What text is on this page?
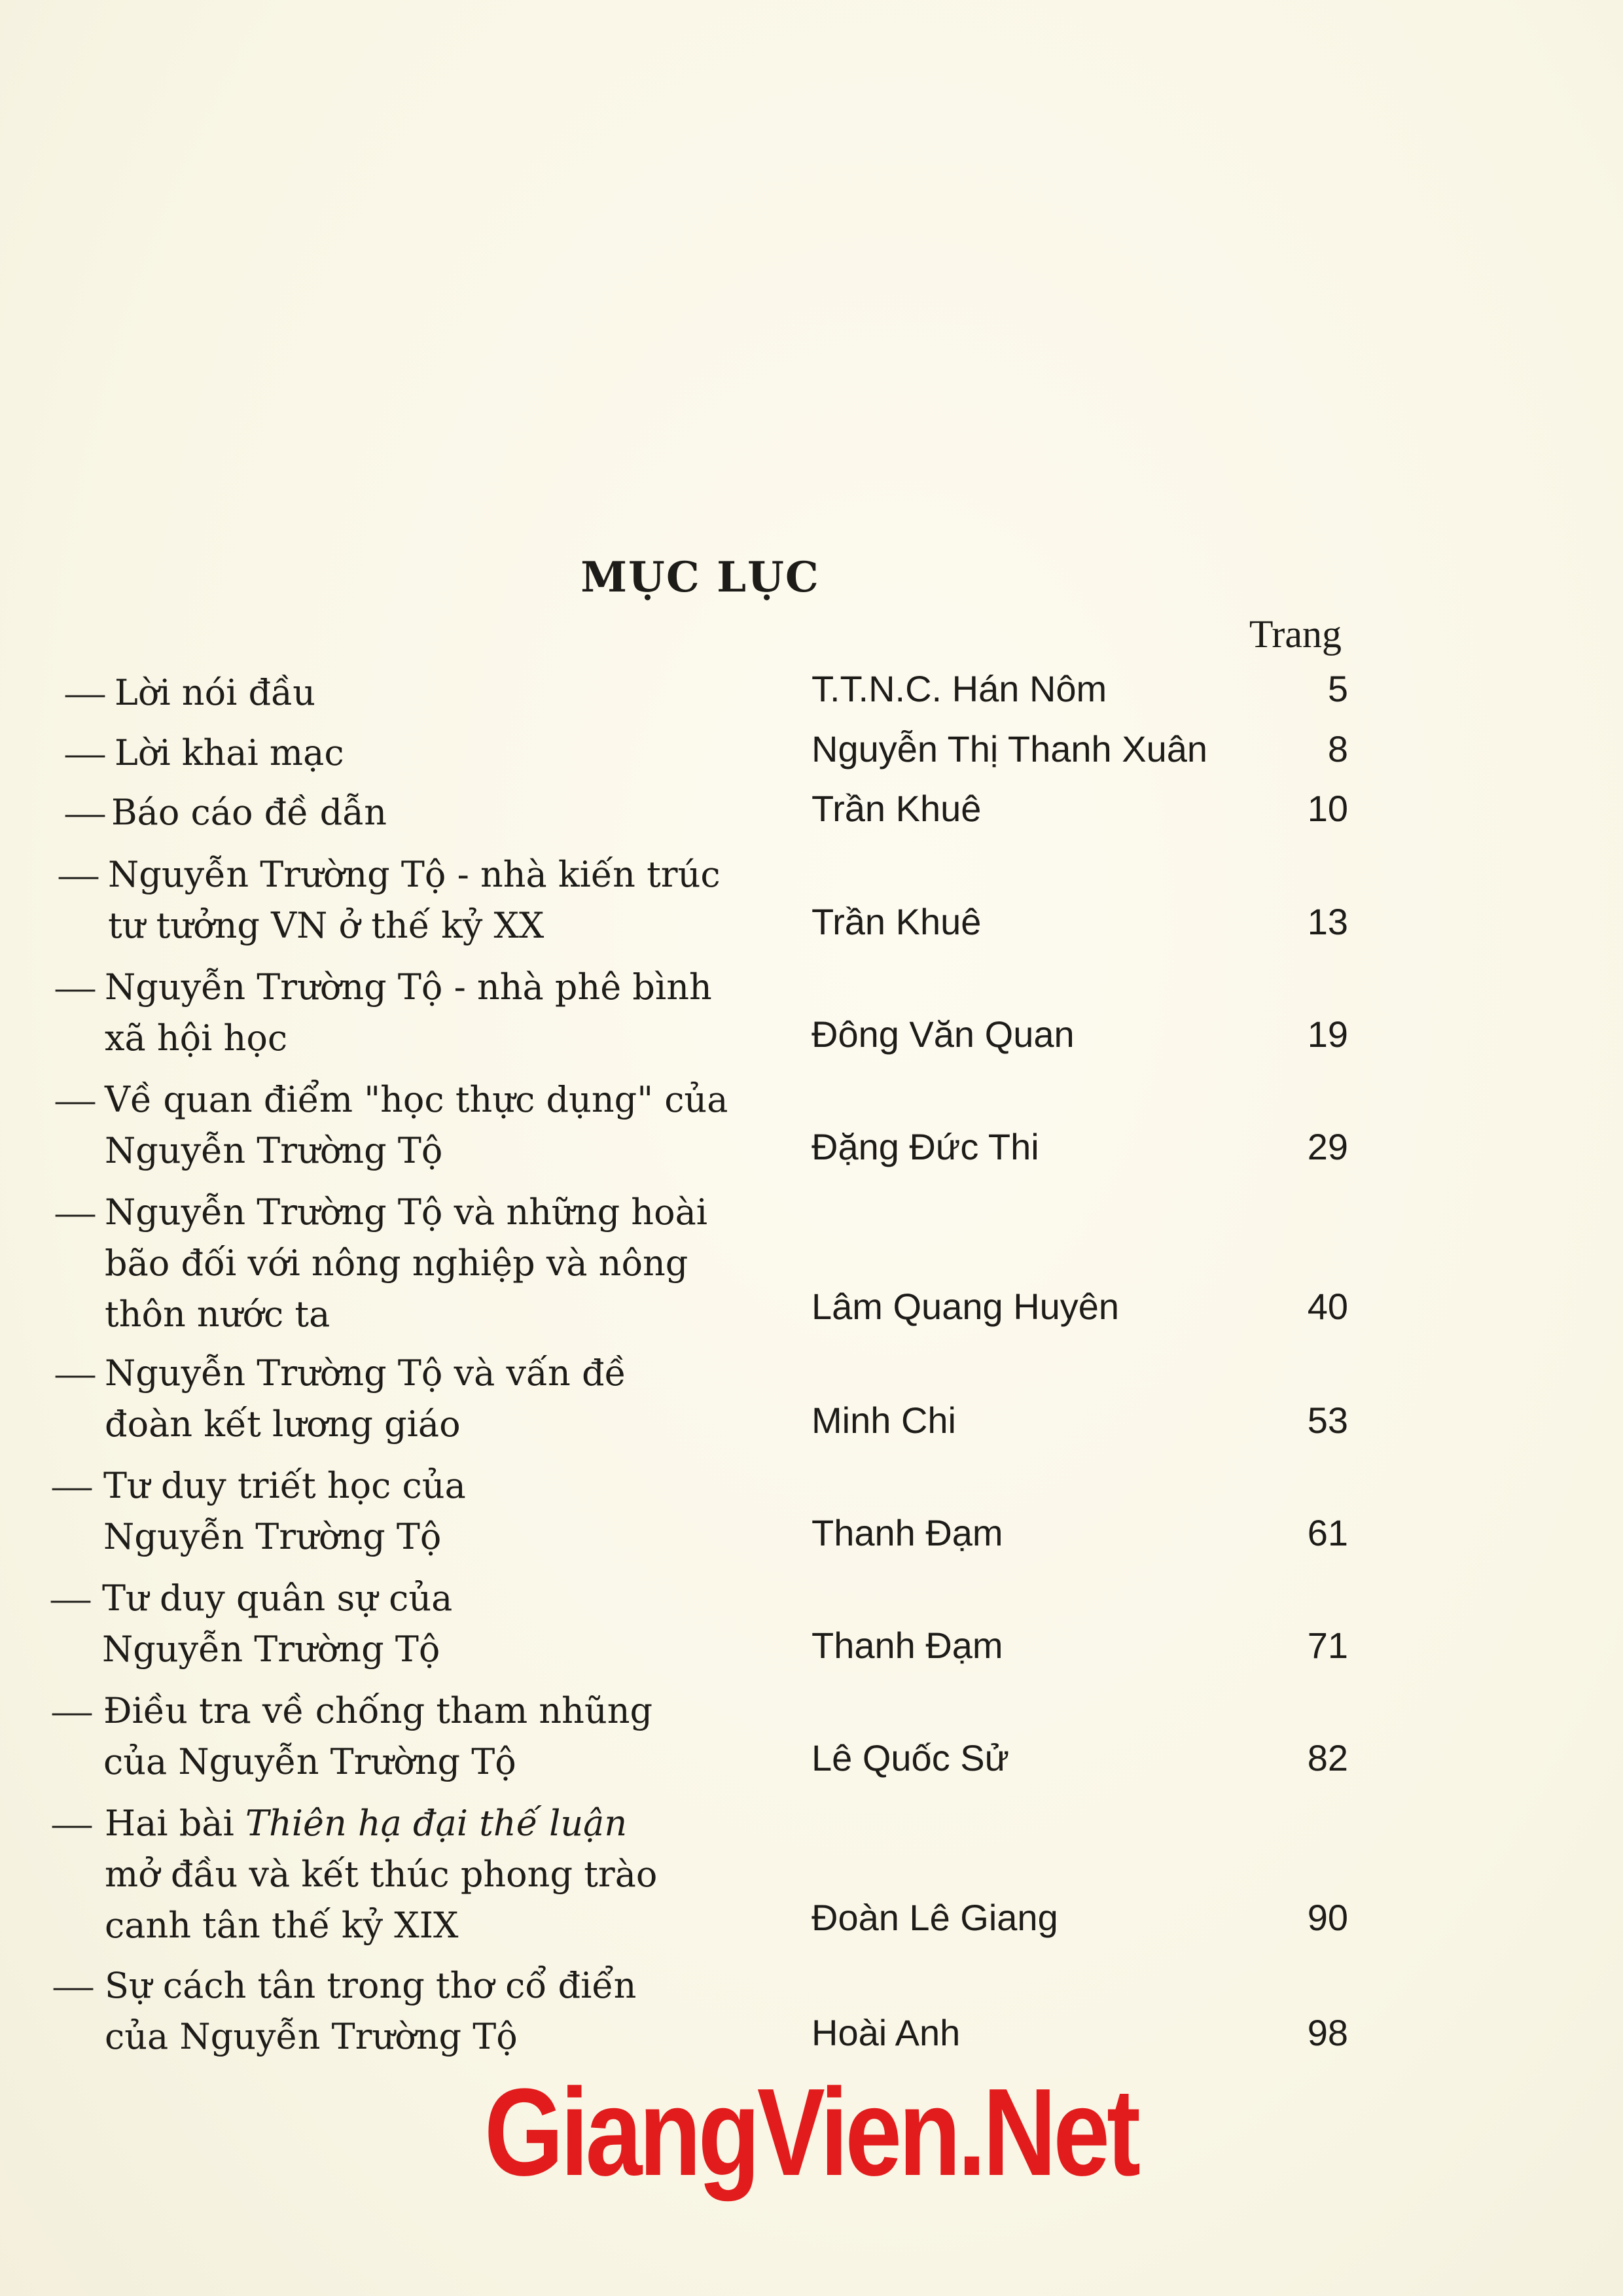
MỤC LỤC
Trang
— Lời nói đầu	T.T.N.C. Hán Nôm	5
— Lời khai mạc	Nguyễn Thị Thanh Xuân	8
— Báo cáo đề dẫn	Trần Khuê	10
— Nguyễn Trường Tộ - nhà kiến trúc
tư tưởng VN ở thế kỷ XX	Trần Khuê	13
— Nguyễn Trường Tộ - nhà phê bình
xã hội học	Đông Văn Quan	19
— Về quan điểm "học thực dụng" của
Nguyễn Trường Tộ	Đặng Đức Thi	29
— Nguyễn Trường Tộ và những hoài
bão đối với nông nghiệp và nông
thôn nước ta	Lâm Quang Huyên	40
— Nguyễn Trường Tộ và vấn đề
đoàn kết lương giáo	Minh Chi	53
— Tư duy triết học của
Nguyễn Trường Tộ	Thanh Đạm	61
— Tư duy quân sự của
Nguyễn Trường Tộ	Thanh Đạm	71
— Điều tra về chống tham nhũng
của Nguyễn Trường Tộ	Lê Quốc Sử	82
— Hai bài Thiên hạ đại thế luận
mở đầu và kết thúc phong trào
canh tân thế kỷ XIX	Đoàn Lê Giang	90
— Sự cách tân trong thơ cổ điển
của Nguyễn Trường Tộ	Hoài Anh	98
GiangVien.Net
